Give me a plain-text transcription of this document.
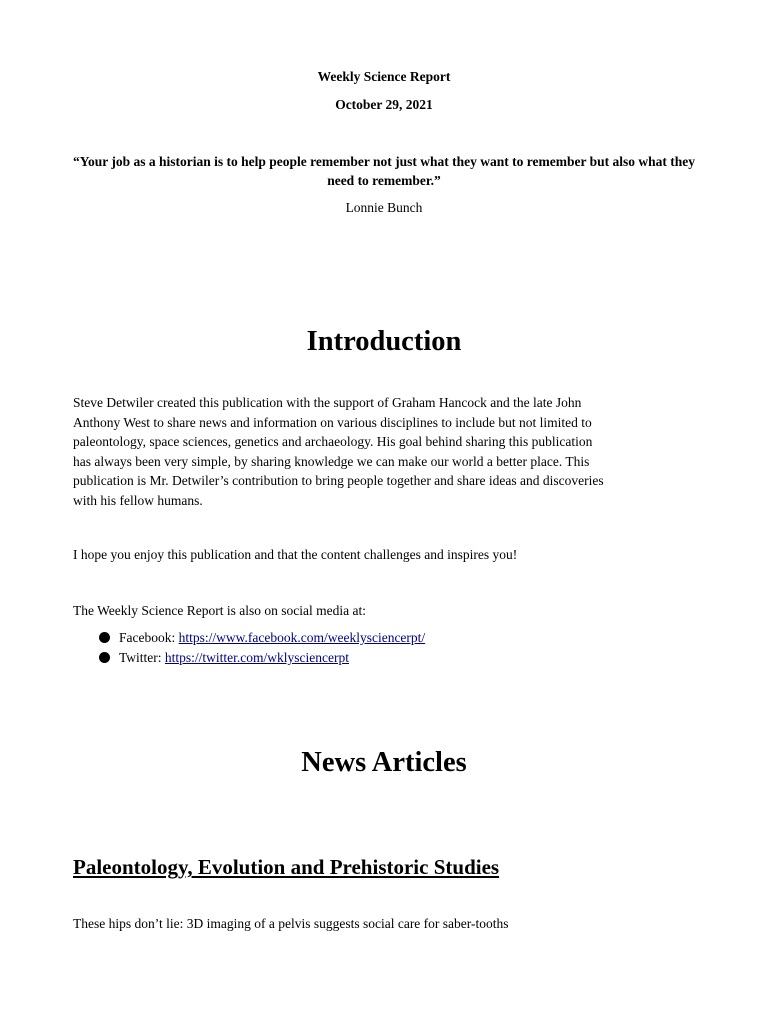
Weekly Science Report

October 29, 2021

“Your job as a historian is to help people remember not just what they want to remember but also what they need to remember.”

Lonnie Bunch

Introduction
Steve Detwiler created this publication with the support of Graham Hancock and the late John
Anthony West to share news and information on various disciplines to include but not limited to
paleontology, space sciences, genetics and archaeology. His goal behind sharing this publication
has always been very simple, by sharing knowledge we can make our world a better place. This
publication is Mr. Detwiler’s contribution to bring people together and share ideas and discoveries
with his fellow humans.

I hope you enjoy this publication and that the content challenges and inspires you!

The Weekly Science Report is also on social media at:

Facebook: https://www.facebook.com/weeklysciencerpt/
Twitter: https://twitter.com/wklysciencerpt
News Articles
Paleontology, Evolution and Prehistoric Studies

These hips don’t lie: 3D imaging of a pelvis suggests social care for saber-tooths
